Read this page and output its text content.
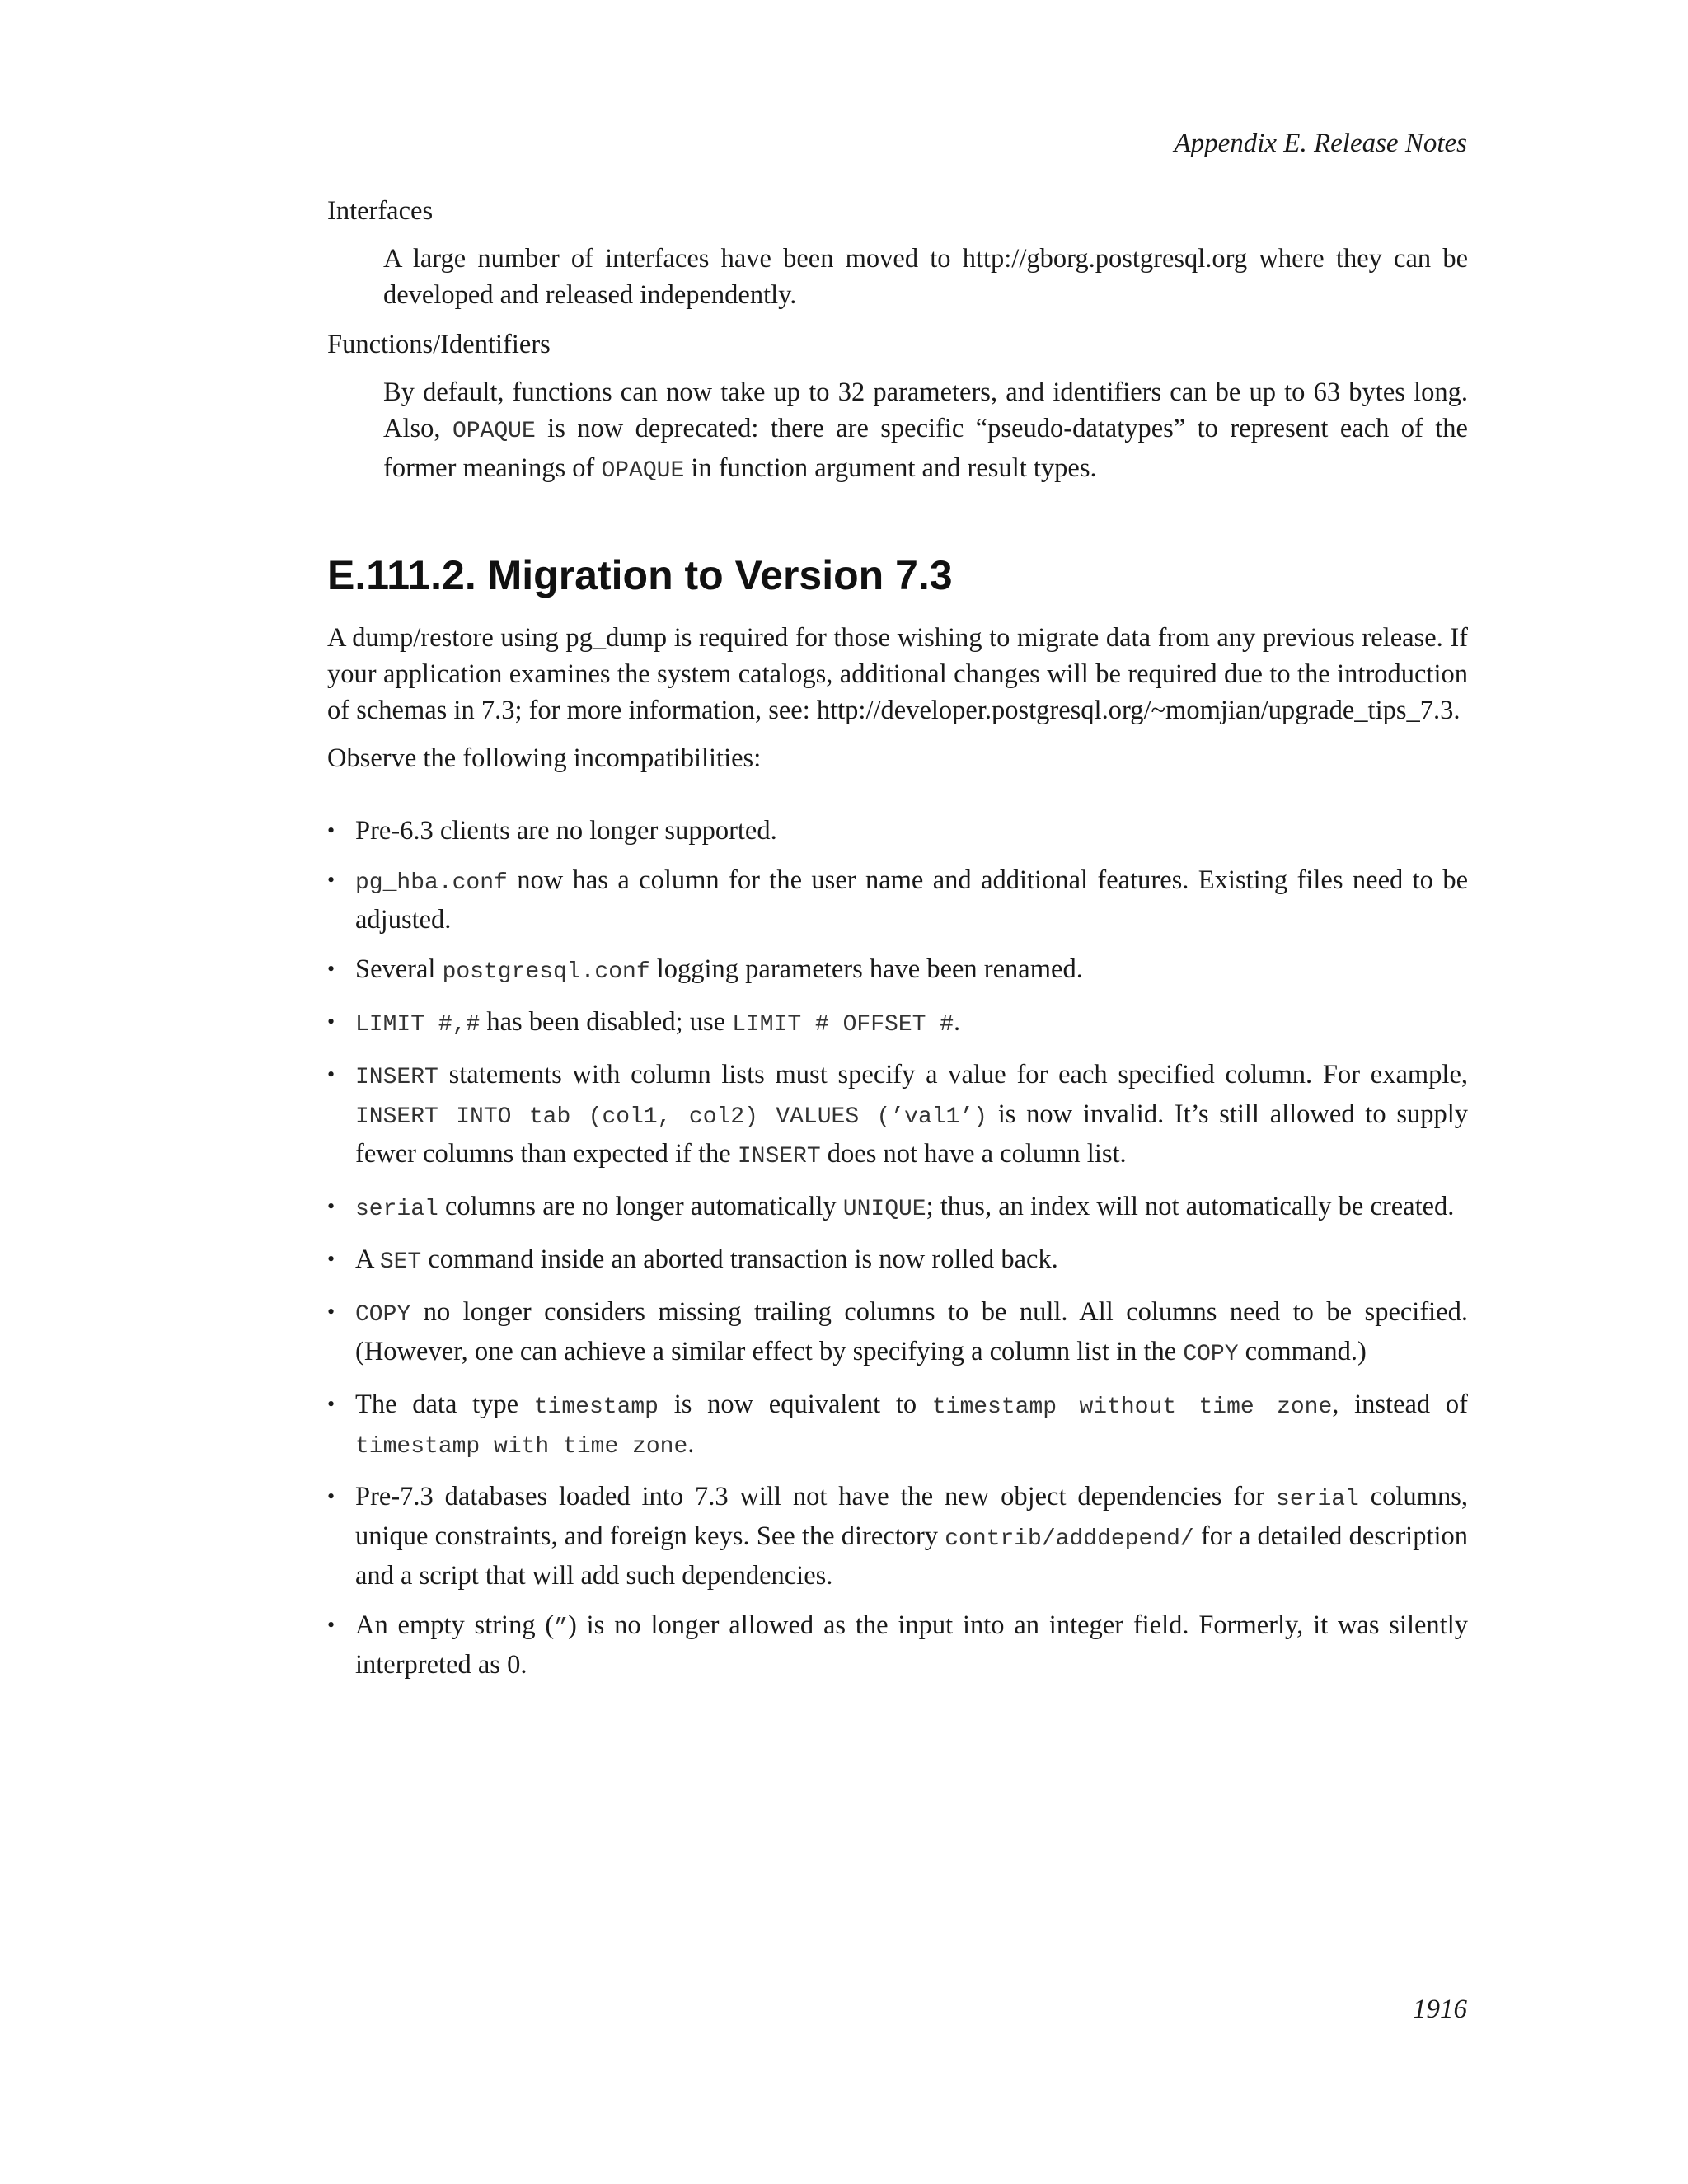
Appendix E. Release Notes
Interfaces

A large number of interfaces have been moved to http://gborg.postgresql.org where they can be developed and released independently.

Functions/Identifiers

By default, functions can now take up to 32 parameters, and identifiers can be up to 63 bytes long. Also, OPAQUE is now deprecated: there are specific “pseudo-datatypes” to represent each of the former meanings of OPAQUE in function argument and result types.

E.111.2. Migration to Version 7.3

A dump/restore using pg_dump is required for those wishing to migrate data from any previous release. If your application examines the system catalogs, additional changes will be required due to the introduction of schemas in 7.3; for more information, see: http://developer.postgresql.org/~momjian/upgrade_tips_7.3.

Observe the following incompatibilities:

• Pre-6.3 clients are no longer supported.
• pg_hba.conf now has a column for the user name and additional features. Existing files need to be adjusted.
• Several postgresql.conf logging parameters have been renamed.
• LIMIT #,# has been disabled; use LIMIT # OFFSET #.
• INSERT statements with column lists must specify a value for each specified column. For example, INSERT INTO tab (col1, col2) VALUES (’val1’) is now invalid. It’s still allowed to supply fewer columns than expected if the INSERT does not have a column list.
• serial columns are no longer automatically UNIQUE; thus, an index will not automatically be created.
• A SET command inside an aborted transaction is now rolled back.
• COPY no longer considers missing trailing columns to be null. All columns need to be specified. (However, one can achieve a similar effect by specifying a column list in the COPY command.)
• The data type timestamp is now equivalent to timestamp without time zone, instead of timestamp with time zone.
• Pre-7.3 databases loaded into 7.3 will not have the new object dependencies for serial columns, unique constraints, and foreign keys. See the directory contrib/adddepend/ for a detailed description and a script that will add such dependencies.
• An empty string (”) is no longer allowed as the input into an integer field. Formerly, it was silently interpreted as 0.
1916
